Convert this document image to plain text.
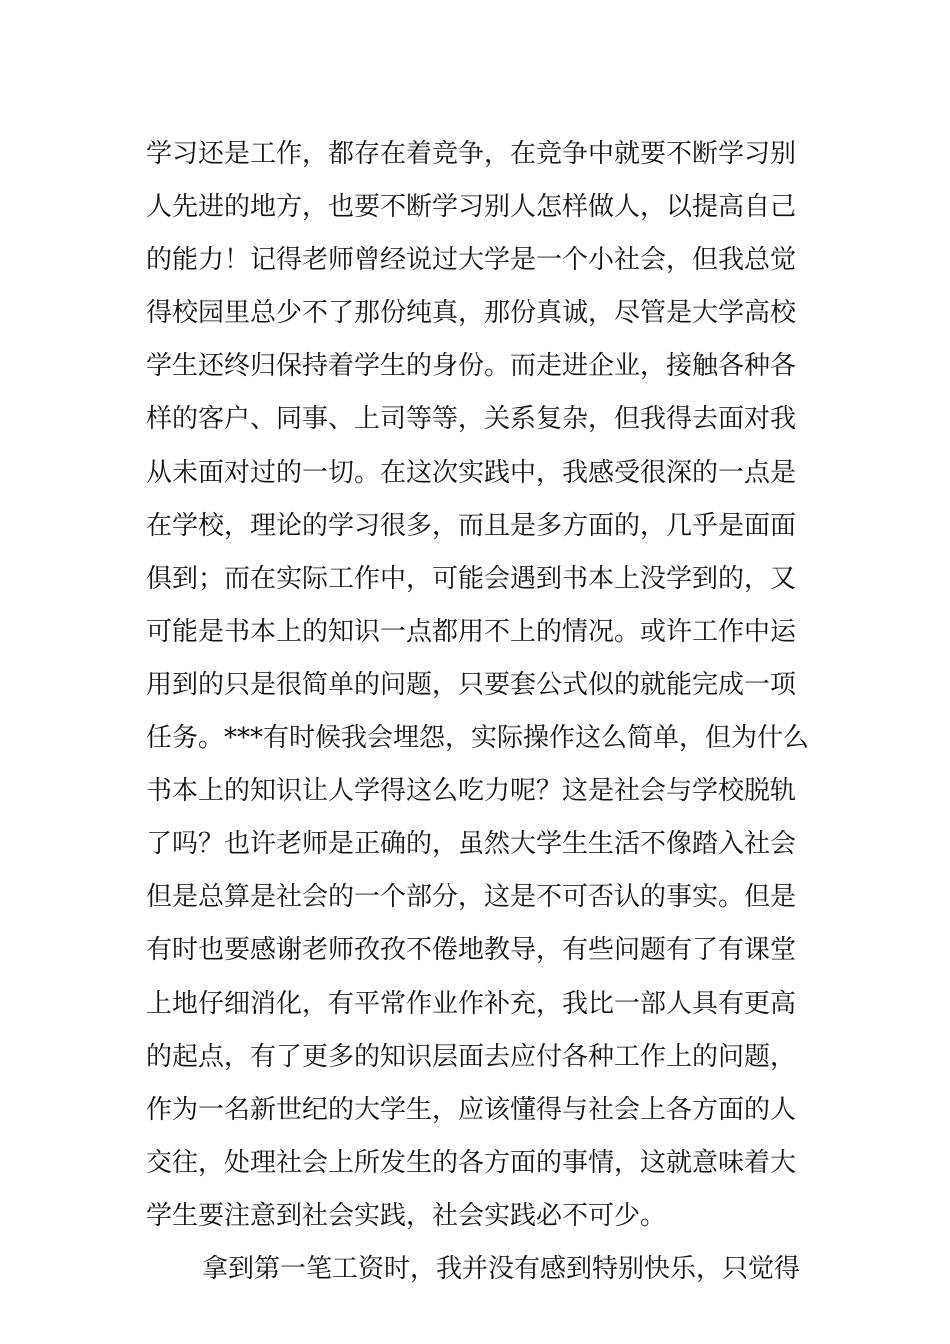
学习还是工作，都存在着竞争，在竞争中就要不断学习别
人先进的地方，也要不断学习别人怎样做人，以提高自己
的能力！记得老师曾经说过大学是一个小社会，但我总觉
得校园里总少不了那份纯真，那份真诚，尽管是大学高校
学生还终归保持着学生的身份。而走进企业，接触各种各
样的客户、同事、上司等等，关系复杂，但我得去面对我
从未面对过的一切。在这次实践中，我感受很深的一点是
在学校，理论的学习很多，而且是多方面的，几乎是面面
俱到；而在实际工作中，可能会遇到书本上没学到的，又
可能是书本上的知识一点都用不上的情况。或许工作中运
用到的只是很简单的问题，只要套公式似的就能完成一项
任务。***有时候我会埋怨，实际操作这么简单，但为什么
书本上的知识让人学得这么吃力呢？这是社会与学校脱轨
了吗？也许老师是正确的，虽然大学生生活不像踏入社会
但是总算是社会的一个部分，这是不可否认的事实。但是
有时也要感谢老师孜孜不倦地教导，有些问题有了有课堂
上地仔细消化，有平常作业作补充，我比一部人具有更高
的起点，有了更多的知识层面去应付各种工作上的问题，
作为一名新世纪的大学生，应该懂得与社会上各方面的人
交往，处理社会上所发生的各方面的事情，这就意味着大
学生要注意到社会实践，社会实践必不可少。
拿到第一笔工资时，我并没有感到特别快乐，只觉得
